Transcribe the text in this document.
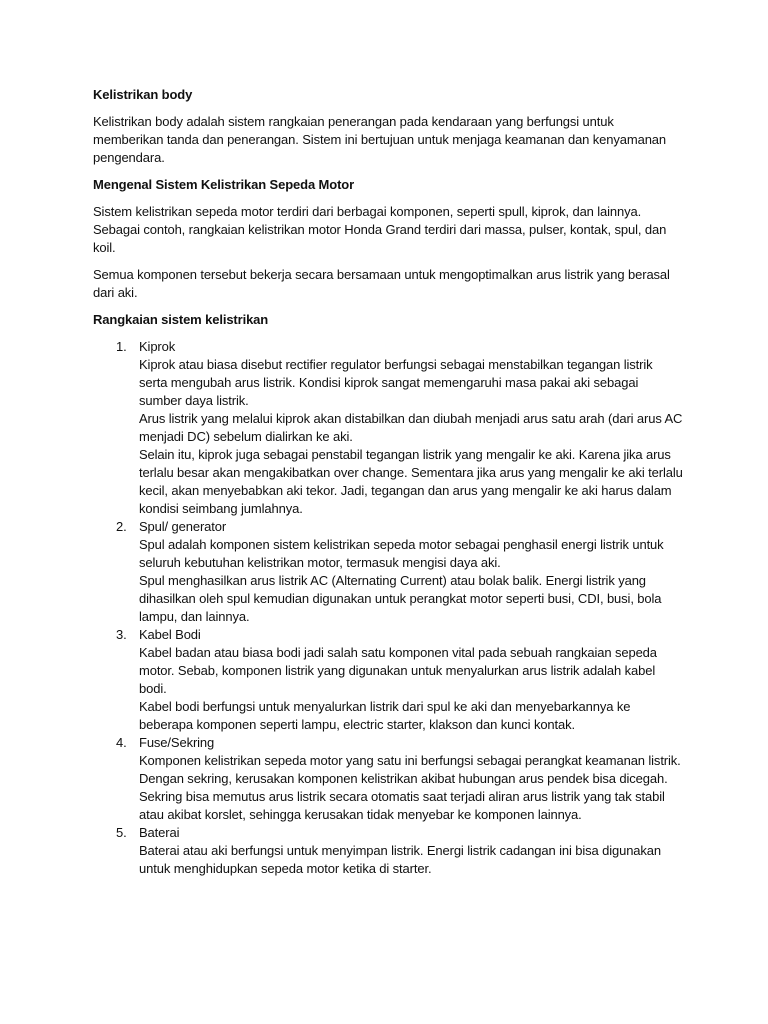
Kelistrikan body

Kelistrikan body adalah sistem rangkaian penerangan pada kendaraan yang berfungsi untuk memberikan tanda dan penerangan. Sistem ini bertujuan untuk menjaga keamanan dan kenyamanan pengendara.

Mengenal Sistem Kelistrikan Sepeda Motor

Sistem kelistrikan sepeda motor terdiri dari berbagai komponen, seperti spull, kiprok, dan lainnya. Sebagai contoh, rangkaian kelistrikan motor Honda Grand terdiri dari massa, pulser, kontak, spul, dan koil.

Semua komponen tersebut bekerja secara bersamaan untuk mengoptimalkan arus listrik yang berasal dari aki.

Rangkaian sistem kelistrikan

1. Kiprok
Kiprok atau biasa disebut rectifier regulator berfungsi sebagai menstabilkan tegangan listrik serta mengubah arus listrik. Kondisi kiprok sangat memengaruhi masa pakai aki sebagai sumber daya listrik.
Arus listrik yang melalui kiprok akan distabilkan dan diubah menjadi arus satu arah (dari arus AC menjadi DC) sebelum dialirkan ke aki.
Selain itu, kiprok juga sebagai penstabil tegangan listrik yang mengalir ke aki. Karena jika arus terlalu besar akan mengakibatkan over change. Sementara jika arus yang mengalir ke aki terlalu kecil, akan menyebabkan aki tekor. Jadi, tegangan dan arus yang mengalir ke aki harus dalam kondisi seimbang jumlahnya.
2. Spul/ generator
Spul adalah komponen sistem kelistrikan sepeda motor sebagai penghasil energi listrik untuk seluruh kebutuhan kelistrikan motor, termasuk mengisi daya aki.
Spul menghasilkan arus listrik AC (Alternating Current) atau bolak balik. Energi listrik yang dihasilkan oleh spul kemudian digunakan untuk perangkat motor seperti busi, CDI, busi, bola lampu, dan lainnya.
3. Kabel Bodi
Kabel badan atau biasa bodi jadi salah satu komponen vital pada sebuah rangkaian sepeda motor. Sebab, komponen listrik yang digunakan untuk menyalurkan arus listrik adalah kabel bodi.
Kabel bodi berfungsi untuk menyalurkan listrik dari spul ke aki dan menyebarkannya ke beberapa komponen seperti lampu, electric starter, klakson dan kunci kontak.
4. Fuse/Sekring
Komponen kelistrikan sepeda motor yang satu ini berfungsi sebagai perangkat keamanan listrik.
Dengan sekring, kerusakan komponen kelistrikan akibat hubungan arus pendek bisa dicegah. Sekring bisa memutus arus listrik secara otomatis saat terjadi aliran arus listrik yang tak stabil atau akibat korslet, sehingga kerusakan tidak menyebar ke komponen lainnya.
5. Baterai
Baterai atau aki berfungsi untuk menyimpan listrik. Energi listrik cadangan ini bisa digunakan untuk menghidupkan sepeda motor ketika di starter.
